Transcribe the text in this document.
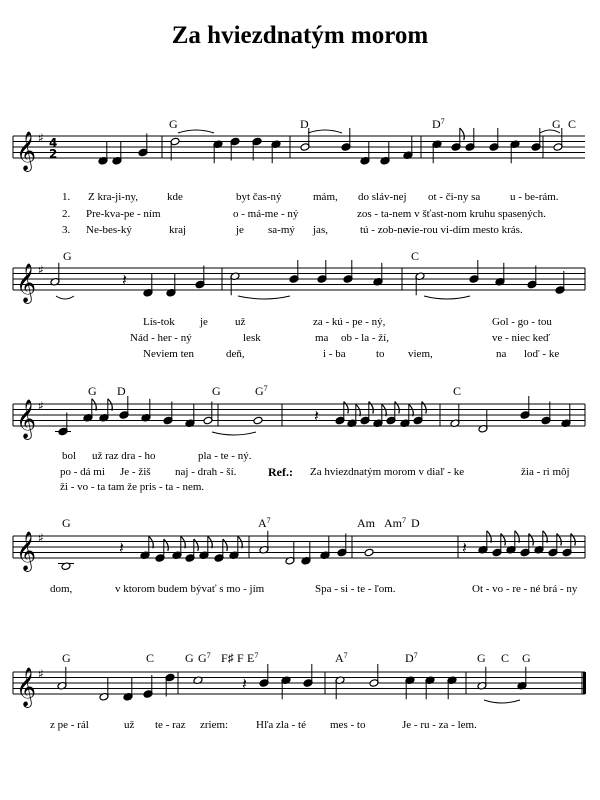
Za hviezdnatým morom
𝄞 ♯ 4
2
𝄞 ♯
𝄞 ♯
𝄞 ♯
𝄞 ♯
𝄽
𝄽
𝄽	𝄽
𝄽
G	D	$D^7$	G C
1.
2.
3.
Z kra-ji-ny,	kde	byt čas-ný	mám, do sláv-nej ot - či-ny sa	u - be-rám.
Pre-kva-pe - ním	o - má-me - ný	zos - ta-nem v šťast-nom kruhu spasených.
Ne-bes-ký	kraj	je sa-mý jas,	tú - zob-ne
vie-rou vi-dím mesto krás.
G	C
Lís-tok je už	za - kú - pe - ný,	Gol - go - tou
Nád - her - ný	lesk	ma ob - la - ží,	ve - niec keď
Neviem ten	deň,	i - ba	to viem,	na loď - ke
G D	G	$G^7$	C
bol už raz dra - ho	pla - te - ný.
po - dá mi Je - žiš naj - drah - ší.	Ref.: Za hviezdnatým morom v diaľ - ke	žia - ri môj
ži - vo - ta tam že pris - ta - nem.
G	$A^7$	Am Am$^7$ D
dom,	v ktorom budem bývať s mo - jím	Spa - si - te - ľom.	Ot - vo - re - né brá - ny
G	C	G $G^7$ F♯ F $E^7$	$A^7$	$D^7$	G C G
z pe - rál	už te - raz zriem:	Hľa zla - té mes - to	Je - ru - za - lem.
